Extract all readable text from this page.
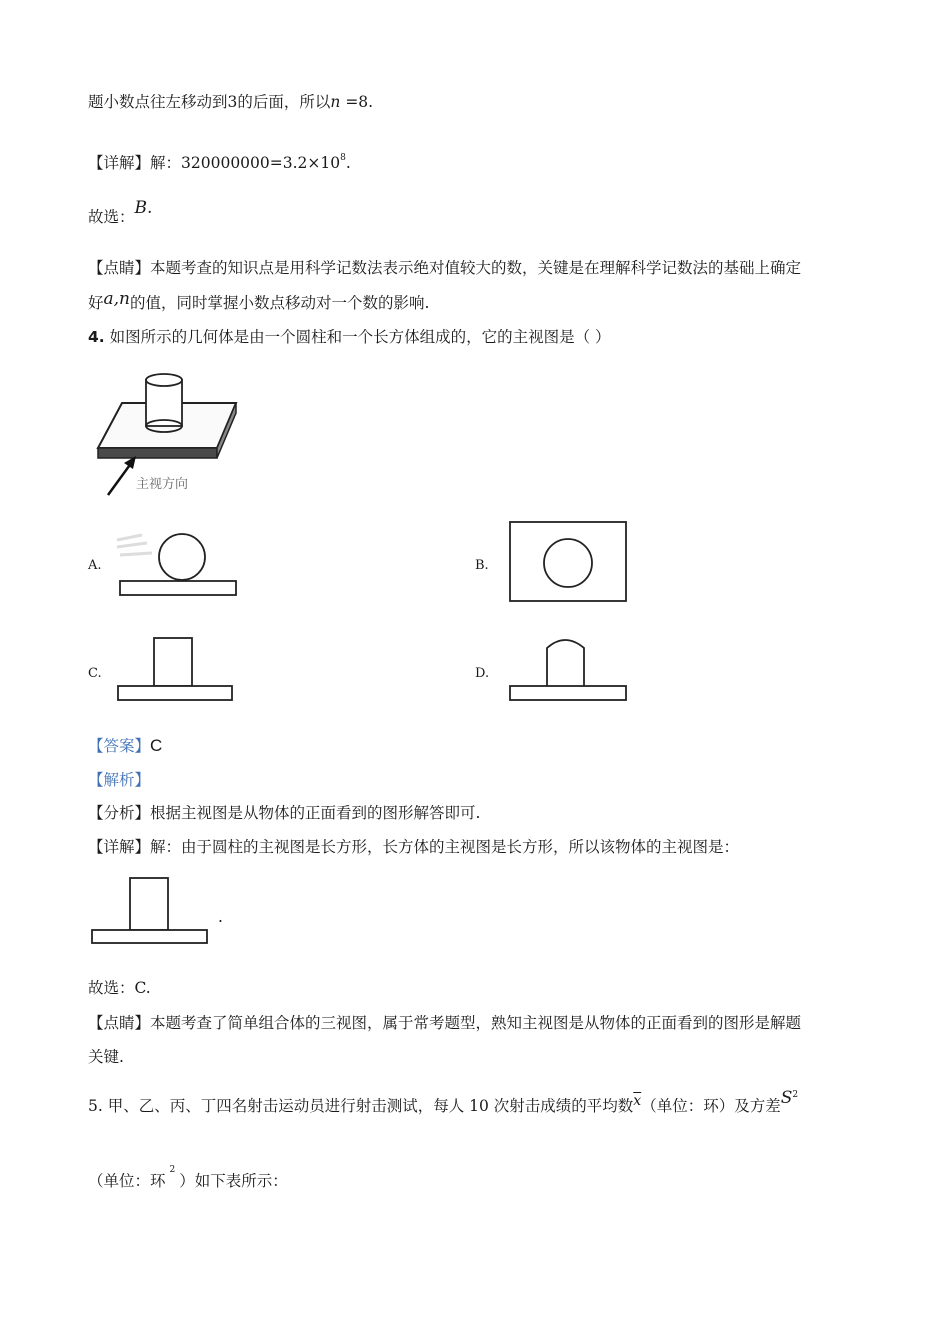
题小数点往左移动到3的后面，所以n =8.
【详解】解：$320000000=3.2\times 10^8$.
故选：B.
【点睛】本题考查的知识点是用科学记数法表示绝对值较大的数，关键是在理解科学记数法的基础上确定
好a,n的值，同时掌握小数点移动对一个数的影响.
4. 如图所示的几何体是由一个圆柱和一个长方体组成的，它的主视图是（ ）
主视方向
A.	B.
C.	D.
【答案】C
【解析】
【分析】根据主视图是从物体的正面看到的图形解答即可.
【详解】解：由于圆柱的主视图是长方形，长方体的主视图是长方形，所以该物体的主视图是：
.
故选：C.
【点睛】本题考查了简单组合体的三视图，属于常考题型，熟知主视图是从物体的正面看到的图形是解题
关键.
5. 甲、乙、丙、丁四名射击运动员进行射击测试，每人 10 次射击成绩的平均数$\overline{x}$（单位：环）及方差$S^2$
（单位：环$^2$）如下表所示：
